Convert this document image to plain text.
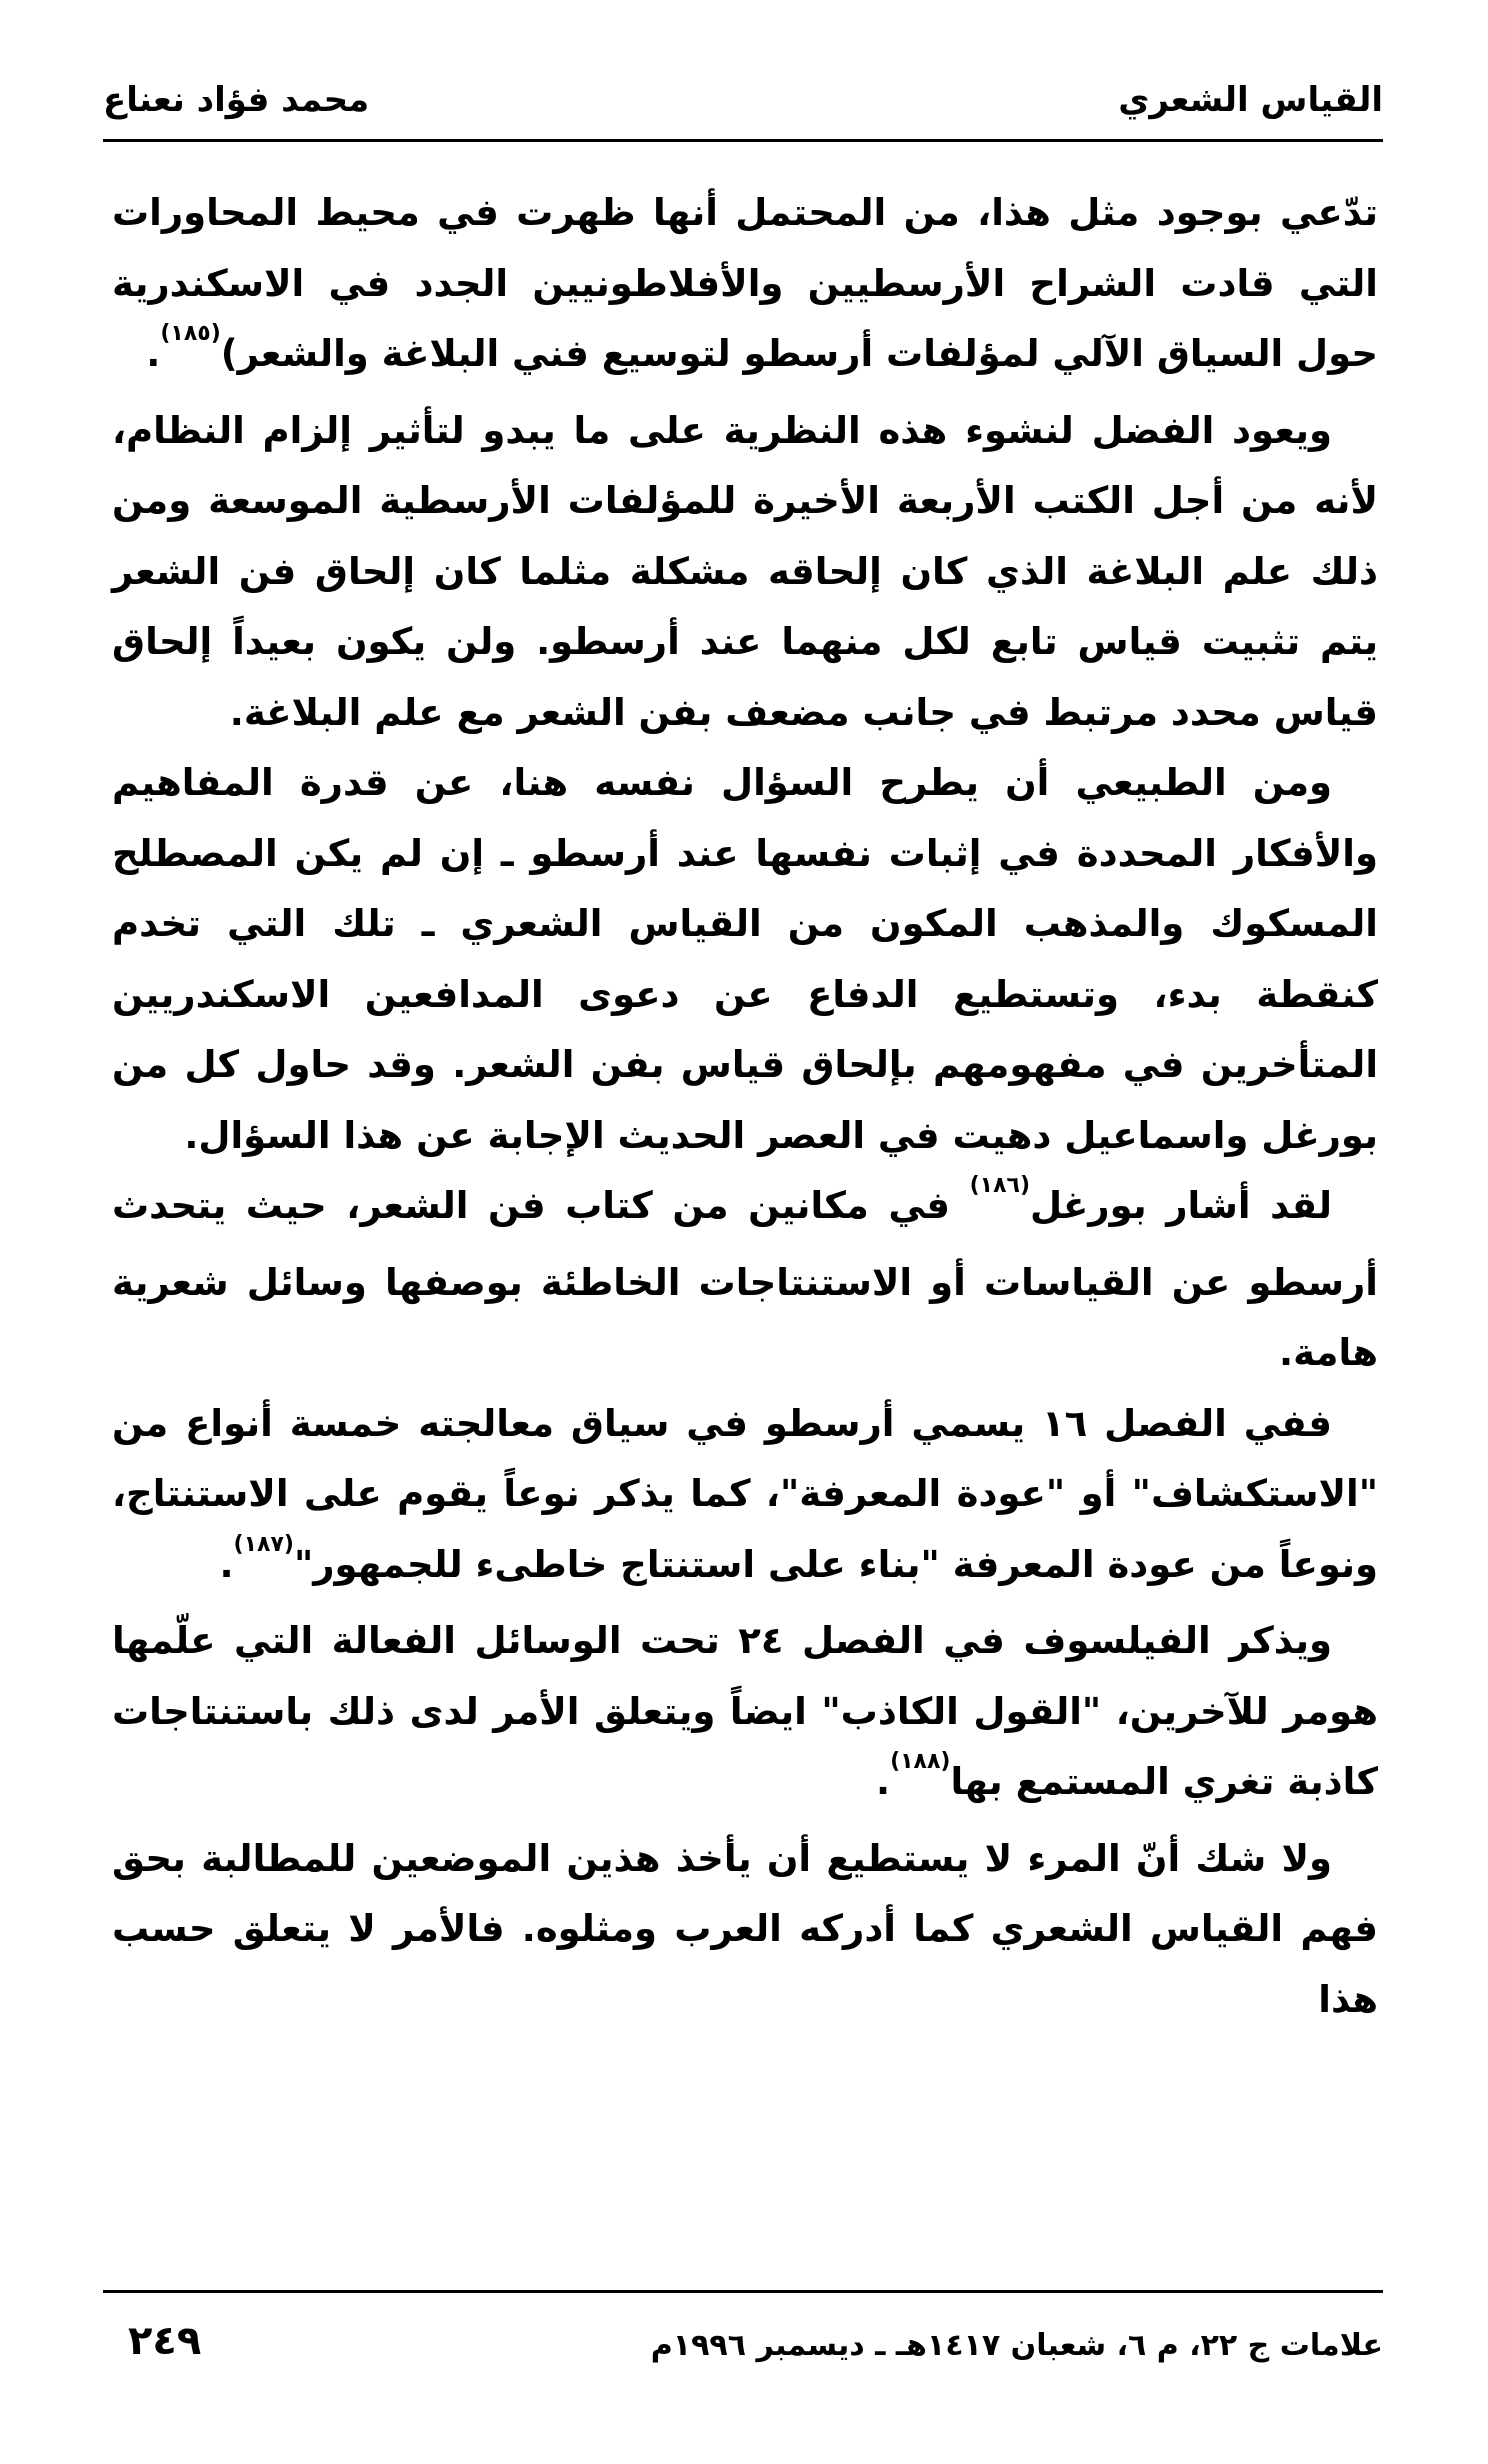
القياس الشعري
محمد فؤاد نعناع

تدّعي بوجود مثل هذا، من المحتمل أنها ظهرت في محيط المحاورات التي قادت الشراح الأرسطيين والأفلاطونيين الجدد في الاسكندرية حول السياق الآلي لمؤلفات أرسطو لتوسيع فني البلاغة والشعر)$^{(١٨٥)}$.

ويعود الفضل لنشوء هذه النظرية على ما يبدو لتأثير إلزام النظام، لأنه من أجل الكتب الأربعة الأخيرة للمؤلفات الأرسطية الموسعة ومن ذلك علم البلاغة الذي كان إلحاقه مشكلة مثلما كان إلحاق فن الشعر يتم تثبيت قياس تابع لكل منهما عند أرسطو. ولن يكون بعيداً إلحاق قياس محدد مرتبط في جانب مضعف بفن الشعر مع علم البلاغة.

ومن الطبيعي أن يطرح السؤال نفسه هنا، عن قدرة المفاهيم والأفكار المحددة في إثبات نفسها عند أرسطو ـ إن لم يكن المصطلح المسكوك والمذهب المكون من القياس الشعري ـ تلك التي تخدم كنقطة بدء، وتستطيع الدفاع عن دعوى المدافعين الاسكندريين المتأخرين في مفهومهم بإلحاق قياس بفن الشعر. وقد حاول كل من بورغل واسماعيل دهيت في العصر الحديث الإجابة عن هذا السؤال.

لقد أشار بورغل$^{(١٨٦)}$ في مكانين من كتاب فن الشعر، حيث يتحدث أرسطو عن القياسات أو الاستنتاجات الخاطئة بوصفها وسائل شعرية هامة.

ففي الفصل ١٦ يسمي أرسطو في سياق معالجته خمسة أنواع من "الاستكشاف" أو "عودة المعرفة"، كما يذكر نوعاً يقوم على الاستنتاج، ونوعاً من عودة المعرفة "بناء على استنتاج خاطىء للجمهور"$^{(١٨٧)}$.

ويذكر الفيلسوف في الفصل ٢٤ تحت الوسائل الفعالة التي علّمها هومر للآخرين، "القول الكاذب" ايضاً ويتعلق الأمر لدى ذلك باستنتاجات كاذبة تغري المستمع بها$^{(١٨٨)}$.

ولا شك أنّ المرء لا يستطيع أن يأخذ هذين الموضعين للمطالبة بحق فهم القياس الشعري كما أدركه العرب ومثلوه. فالأمر لا يتعلق حسب هذا

علامات ج ٢٢، م ٦، شعبان ١٤١٧هـ ـ ديسمبر ١٩٩٦م
٢٤٩
